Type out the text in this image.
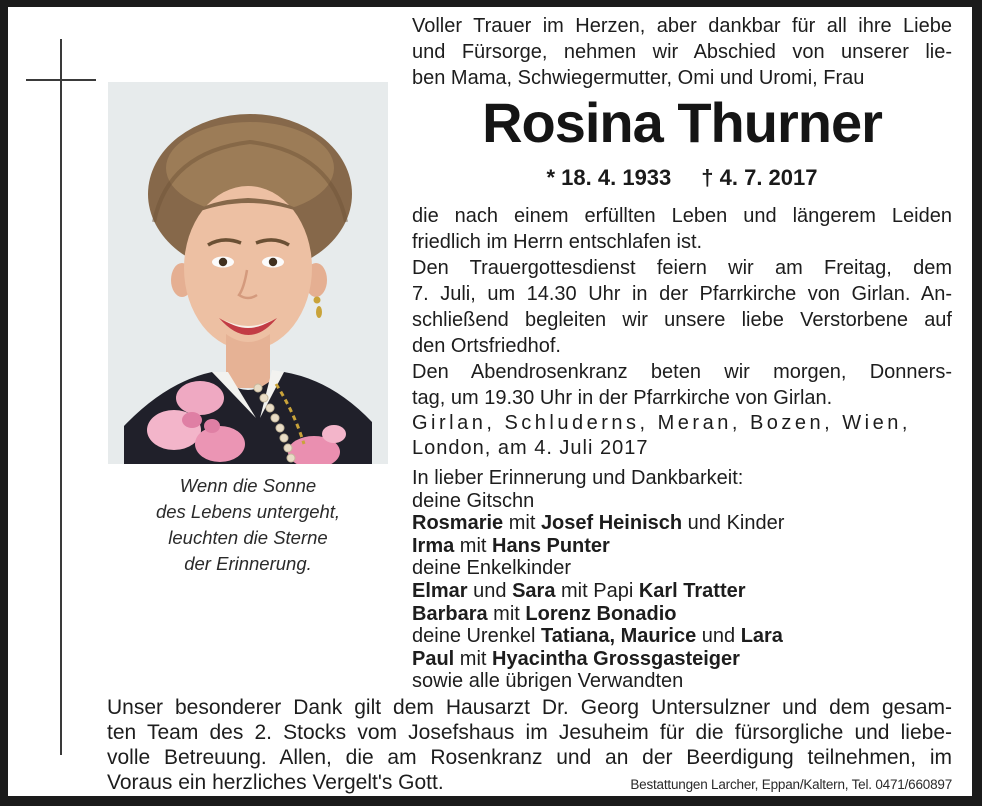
Wenn die Sonne
des Lebens untergeht,
leuchten die Sterne
der Erinnerung.
Voller Trauer im Herzen, aber dankbar für all ihre Liebe
und Fürsorge, nehmen wir Abschied von unserer lie-
ben Mama, Schwiegermutter, Omi und Uromi, Frau
Rosina Thurner
* 18. 4. 1933 † 4. 7. 2017
die nach einem erfüllten Leben und längerem Leiden
friedlich im Herrn entschlafen ist.
Den Trauergottesdienst feiern wir am Freitag, dem
7. Juli, um 14.30 Uhr in der Pfarrkirche von Girlan. An-
schließend begleiten wir unsere liebe Verstorbene auf
den Ortsfriedhof.
Den Abendrosenkranz beten wir morgen, Donners-
tag, um 19.30 Uhr in der Pfarrkirche von Girlan.
Girlan, Schluderns, Meran, Bozen, Wien,
London, am 4. Juli 2017
In lieber Erinnerung und Dankbarkeit:
deine Gitschn
Rosmarie mit Josef Heinisch und Kinder
Irma mit Hans Punter
deine Enkelkinder
Elmar und Sara mit Papi Karl Tratter
Barbara mit Lorenz Bonadio
deine Urenkel Tatiana, Maurice und Lara
Paul mit Hyacintha Grossgasteiger
sowie alle übrigen Verwandten
Unser besonderer Dank gilt dem Hausarzt Dr. Georg Untersulzner und dem gesam-
ten Team des 2. Stocks vom Josefshaus im Jesuheim für die fürsorgliche und liebe-
volle Betreuung. Allen, die am Rosenkranz und an der Beerdigung teilnehmen, im
Voraus ein herzliches Vergelt's Gott.	Bestattungen Larcher, Eppan/Kaltern, Tel. 0471/660897
